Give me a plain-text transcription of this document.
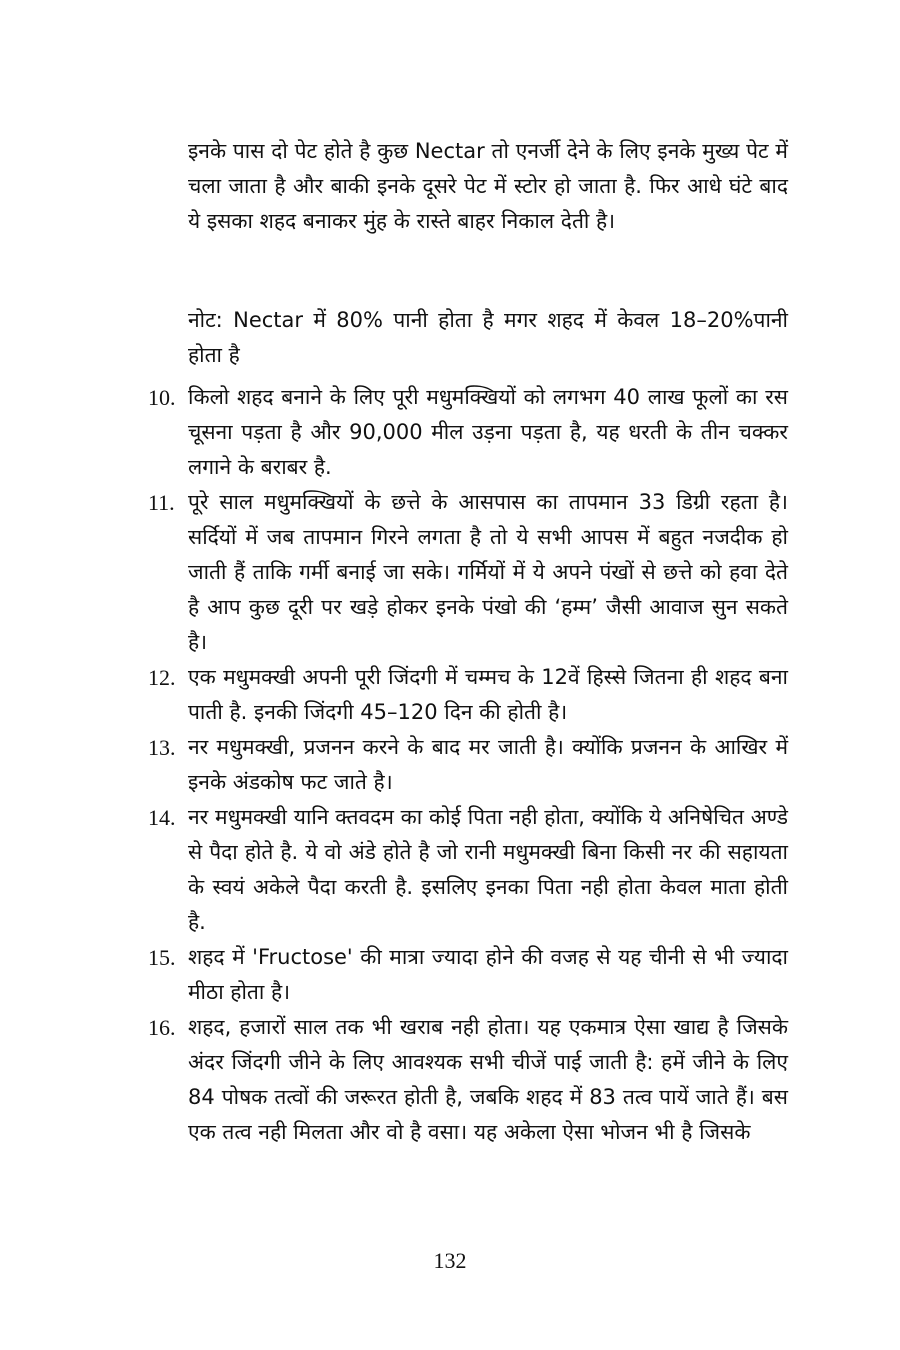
इनके पास दो पेट होते है कुछ Nectar तो एनर्जी देने के लिए इनके मुख्य पेट में चला जाता है और बाकी इनके दूसरे पेट में स्टोर हो जाता है. फिर आधे घंटे बाद ये इसका शहद बनाकर मुंह के रास्ते बाहर निकाल देती है।

नोट: Nectar में 80% पानी होता है मगर शहद में केवल 18–20%पानी होता है

10. किलो शहद बनाने के लिए पूरी मधुमक्खियों को लगभग 40 लाख फूलों का रस चूसना पड़ता है और 90,000 मील उड़ना पड़ता है, यह धरती के तीन चक्कर लगाने के बराबर है.
11. पूरे साल मधुमक्खियों के छत्ते के आसपास का तापमान 33 डिग्री रहता है। सर्दियों में जब तापमान गिरने लगता है तो ये सभी आपस में बहुत नजदीक हो जाती हैं ताकि गर्मी बनाई जा सके। गर्मियों में ये अपने पंखों से छत्ते को हवा देते है आप कुछ दूरी पर खड़े होकर इनके पंखो की ‘हम्म’ जैसी आवाज सुन सकते है।
12. एक मधुमक्खी अपनी पूरी जिंदगी में चम्मच के 12वें हिस्से जितना ही शहद बना पाती है. इनकी जिंदगी 45–120 दिन की होती है।
13. नर मधुमक्खी, प्रजनन करने के बाद मर जाती है। क्योंकि प्रजनन के आखिर में इनके अंडकोष फट जाते है।
14. नर मधुमक्खी यानि क्तवदम का कोई पिता नही होता, क्योंकि ये अनिषेचित अण्डे से पैदा होते है. ये वो अंडे होते है जो रानी मधुमक्खी बिना किसी नर की सहायता के स्वयं अकेले पैदा करती है. इसलिए इनका पिता नही होता केवल माता होती है.
15. शहद में 'Fructose' की मात्रा ज्यादा होने की वजह से यह चीनी से भी ज्यादा मीठा होता है।
16. शहद, हजारों साल तक भी खराब नही होता। यह एकमात्र ऐसा खाद्य है जिसके अंदर जिंदगी जीने के लिए आवश्यक सभी चीजें पाई जाती है: हमें जीने के लिए 84 पोषक तत्वों की जरूरत होती है, जबकि शहद में 83 तत्व पायें जाते हैं। बस एक तत्व नही मिलता और वो है वसा। यह अकेला ऐसा भोजन भी है जिसके
132
